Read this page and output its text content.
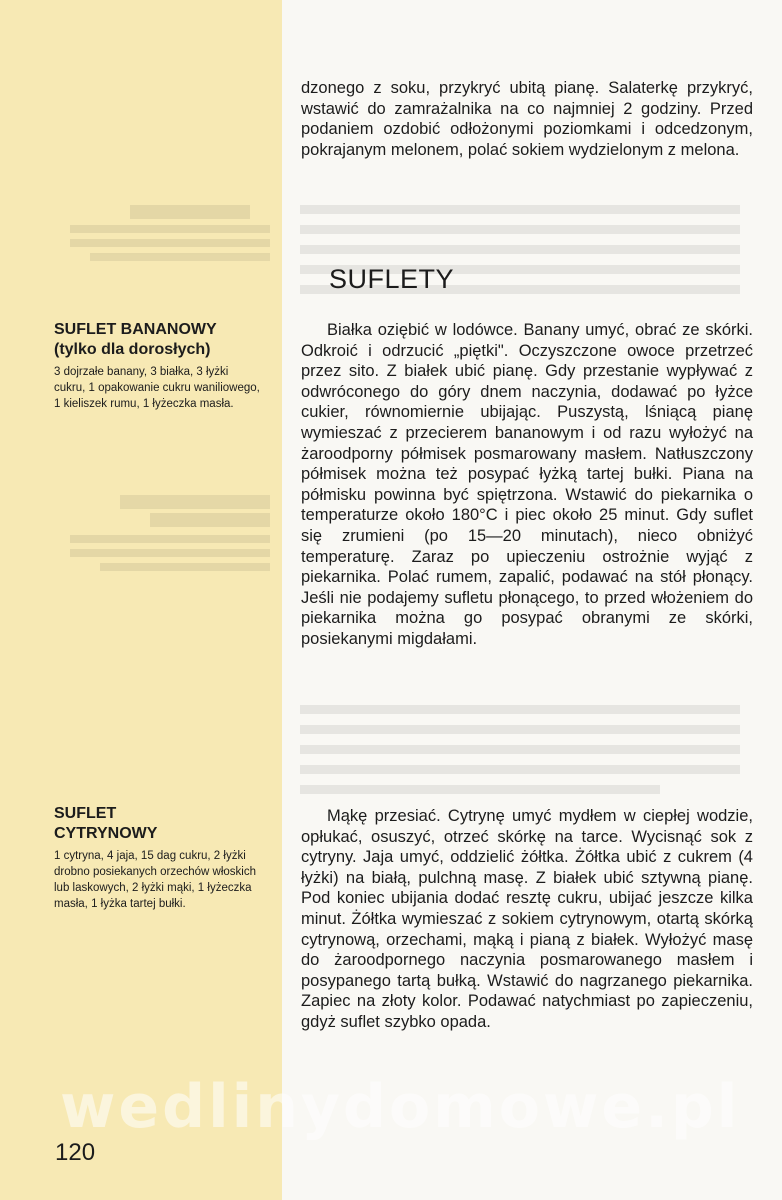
SUFLET BANANOWY
(tylko dla dorosłych)

3 dojrzałe banany, 3 białka, 3 łyżki cukru, 1 opakowanie cukru waniliowego, 1 kieliszek rumu, 1 łyżeczka masła.

SUFLET
CYTRYNOWY

1 cytryna, 4 jaja, 15 dag cukru, 2 łyżki drobno posiekanych orzechów włoskich lub laskowych, 2 łyżki mąki, 1 łyżeczka masła, 1 łyżka tartej bułki.

dzonego z soku, przykryć ubitą pianę. Salaterkę przykryć, wstawić do zamrażalnika na co najmniej 2 godziny. Przed podaniem ozdobić odłożonymi poziomkami i odcedzonym, pokrajanym melonem, polać sokiem wydzielonym z melona.

SUFLETY

Białka oziębić w lodówce. Banany umyć, obrać ze skórki. Odkroić i odrzucić „piętki". Oczyszczone owoce przetrzeć przez sito. Z białek ubić pianę. Gdy przestanie wypływać z odwróconego do góry dnem naczynia, dodawać po łyżce cukier, równomiernie ubijając. Puszystą, lśniącą pianę wymieszać z przecierem bananowym i od razu wyłożyć na żaroodporny półmisek posmarowany masłem. Natłuszczony półmisek można też posypać łyżką tartej bułki. Piana na półmisku powinna być spiętrzona. Wstawić do piekarnika o temperaturze około 180°C i piec około 25 minut. Gdy suflet się zrumieni (po 15—20 minutach), nieco obniżyć temperaturę. Zaraz po upieczeniu ostrożnie wyjąć z piekarnika. Polać rumem, zapalić, podawać na stół płonący. Jeśli nie podajemy sufletu płonącego, to przed włożeniem do piekarnika można go posypać obranymi ze skórki, posiekanymi migdałami.

Mąkę przesiać. Cytrynę umyć mydłem w ciepłej wodzie, opłukać, osuszyć, otrzeć skórkę na tarce. Wycisnąć sok z cytryny. Jaja umyć, oddzielić żółtka. Żółtka ubić z cukrem (4 łyżki) na białą, pulchną masę. Z białek ubić sztywną pianę. Pod koniec ubijania dodać resztę cukru, ubijać jeszcze kilka minut. Żółtka wymieszać z sokiem cytrynowym, otartą skórką cytrynową, orzechami, mąką i pianą z białek. Wyłożyć masę do żaroodpornego naczynia posmarowanego masłem i posypanego tartą bułką. Wstawić do nagrzanego piekarnika. Zapiec na złoty kolor. Podawać natychmiast po zapieczeniu, gdyż suflet szybko opada.

wedlinydomowe.pl
120
